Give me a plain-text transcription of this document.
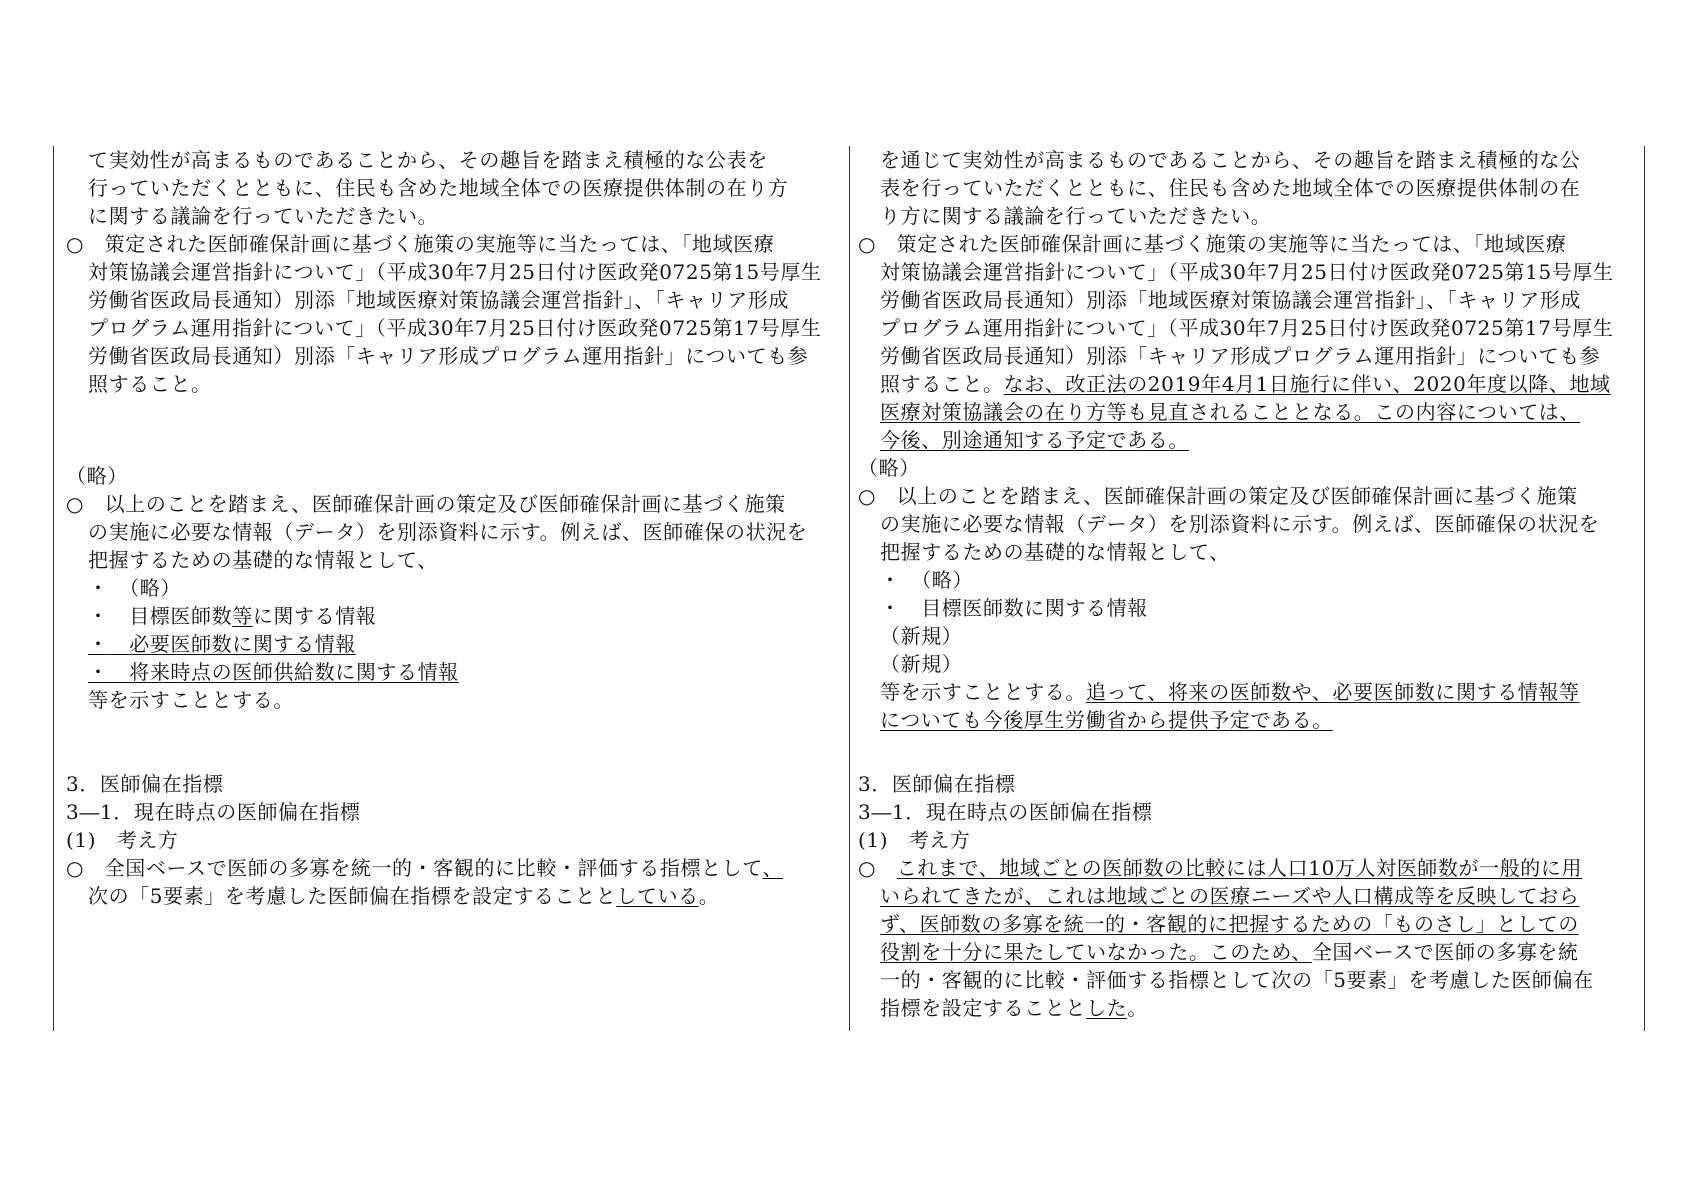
て実効性が高まるものであることから、その趣旨を踏まえ積極的な公表を
行っていただくとともに、住民も含めた地域全体での医療提供体制の在り方
に関する議論を行っていただきたい。
○　策定された医師確保計画に基づく施策の実施等に当たっては、「地域医療
対策協議会運営指針について」（平成30年7月25日付け医政発0725第15号厚生
労働省医政局長通知）別添「地域医療対策協議会運営指針」、「キャリア形成
プログラム運用指針について」（平成30年7月25日付け医政発0725第17号厚生
労働省医政局長通知）別添「キャリア形成プログラム運用指針」についても参
照すること。
（略）
○　以上のことを踏まえ、医師確保計画の策定及び医師確保計画に基づく施策
の実施に必要な情報（データ）を別添資料に示す。例えば、医師確保の状況を
把握するための基礎的な情報として、
・　（略）
・　目標医師数等に関する情報
・　 必要医師数に関する情報
・　 将来時点の医師供給数に関する情報
等を示すこととする。
3．医師偏在指標
3―1．現在時点の医師偏在指標
(1)　考え方
○　全国ベースで医師の多寡を統一的・客観的に比較・評価する指標として、
次の「5要素」を考慮した医師偏在指標を設定することとしている。
を通じて実効性が高まるものであることから、その趣旨を踏まえ積極的な公
表を行っていただくとともに、住民も含めた地域全体での医療提供体制の在
り方に関する議論を行っていただきたい。
○　策定された医師確保計画に基づく施策の実施等に当たっては、「地域医療
対策協議会運営指針について」（平成30年7月25日付け医政発0725第15号厚生
労働省医政局長通知）別添「地域医療対策協議会運営指針」、「キャリア形成
プログラム運用指針について」（平成30年7月25日付け医政発0725第17号厚生
労働省医政局長通知）別添「キャリア形成プログラム運用指針」についても参
照すること。なお、改正法の2019年4月1日施行に伴い、2020年度以降、地域
医療対策協議会の在り方等も見直されることとなる。この内容については、
今後、別途通知する予定である。
（略）
○　以上のことを踏まえ、医師確保計画の策定及び医師確保計画に基づく施策
の実施に必要な情報（データ）を別添資料に示す。例えば、医師確保の状況を
把握するための基礎的な情報として、
・　（略）
・　目標医師数に関する情報
（新規）
（新規）
等を示すこととする。追って、将来の医師数や、必要医師数に関する情報等
についても今後厚生労働省から提供予定である。
3．医師偏在指標
3―1．現在時点の医師偏在指標
(1)　考え方
○　これまで、地域ごとの医師数の比較には人口10万人対医師数が一般的に用
いられてきたが、これは地域ごとの医療ニーズや人口構成等を反映しておら
ず、医師数の多寡を統一的・客観的に把握するための「ものさし」としての
役割を十分に果たしていなかった。このため、全国ベースで医師の多寡を統
一的・客観的に比較・評価する指標として次の「5要素」を考慮した医師偏在
指標を設定することとした。
